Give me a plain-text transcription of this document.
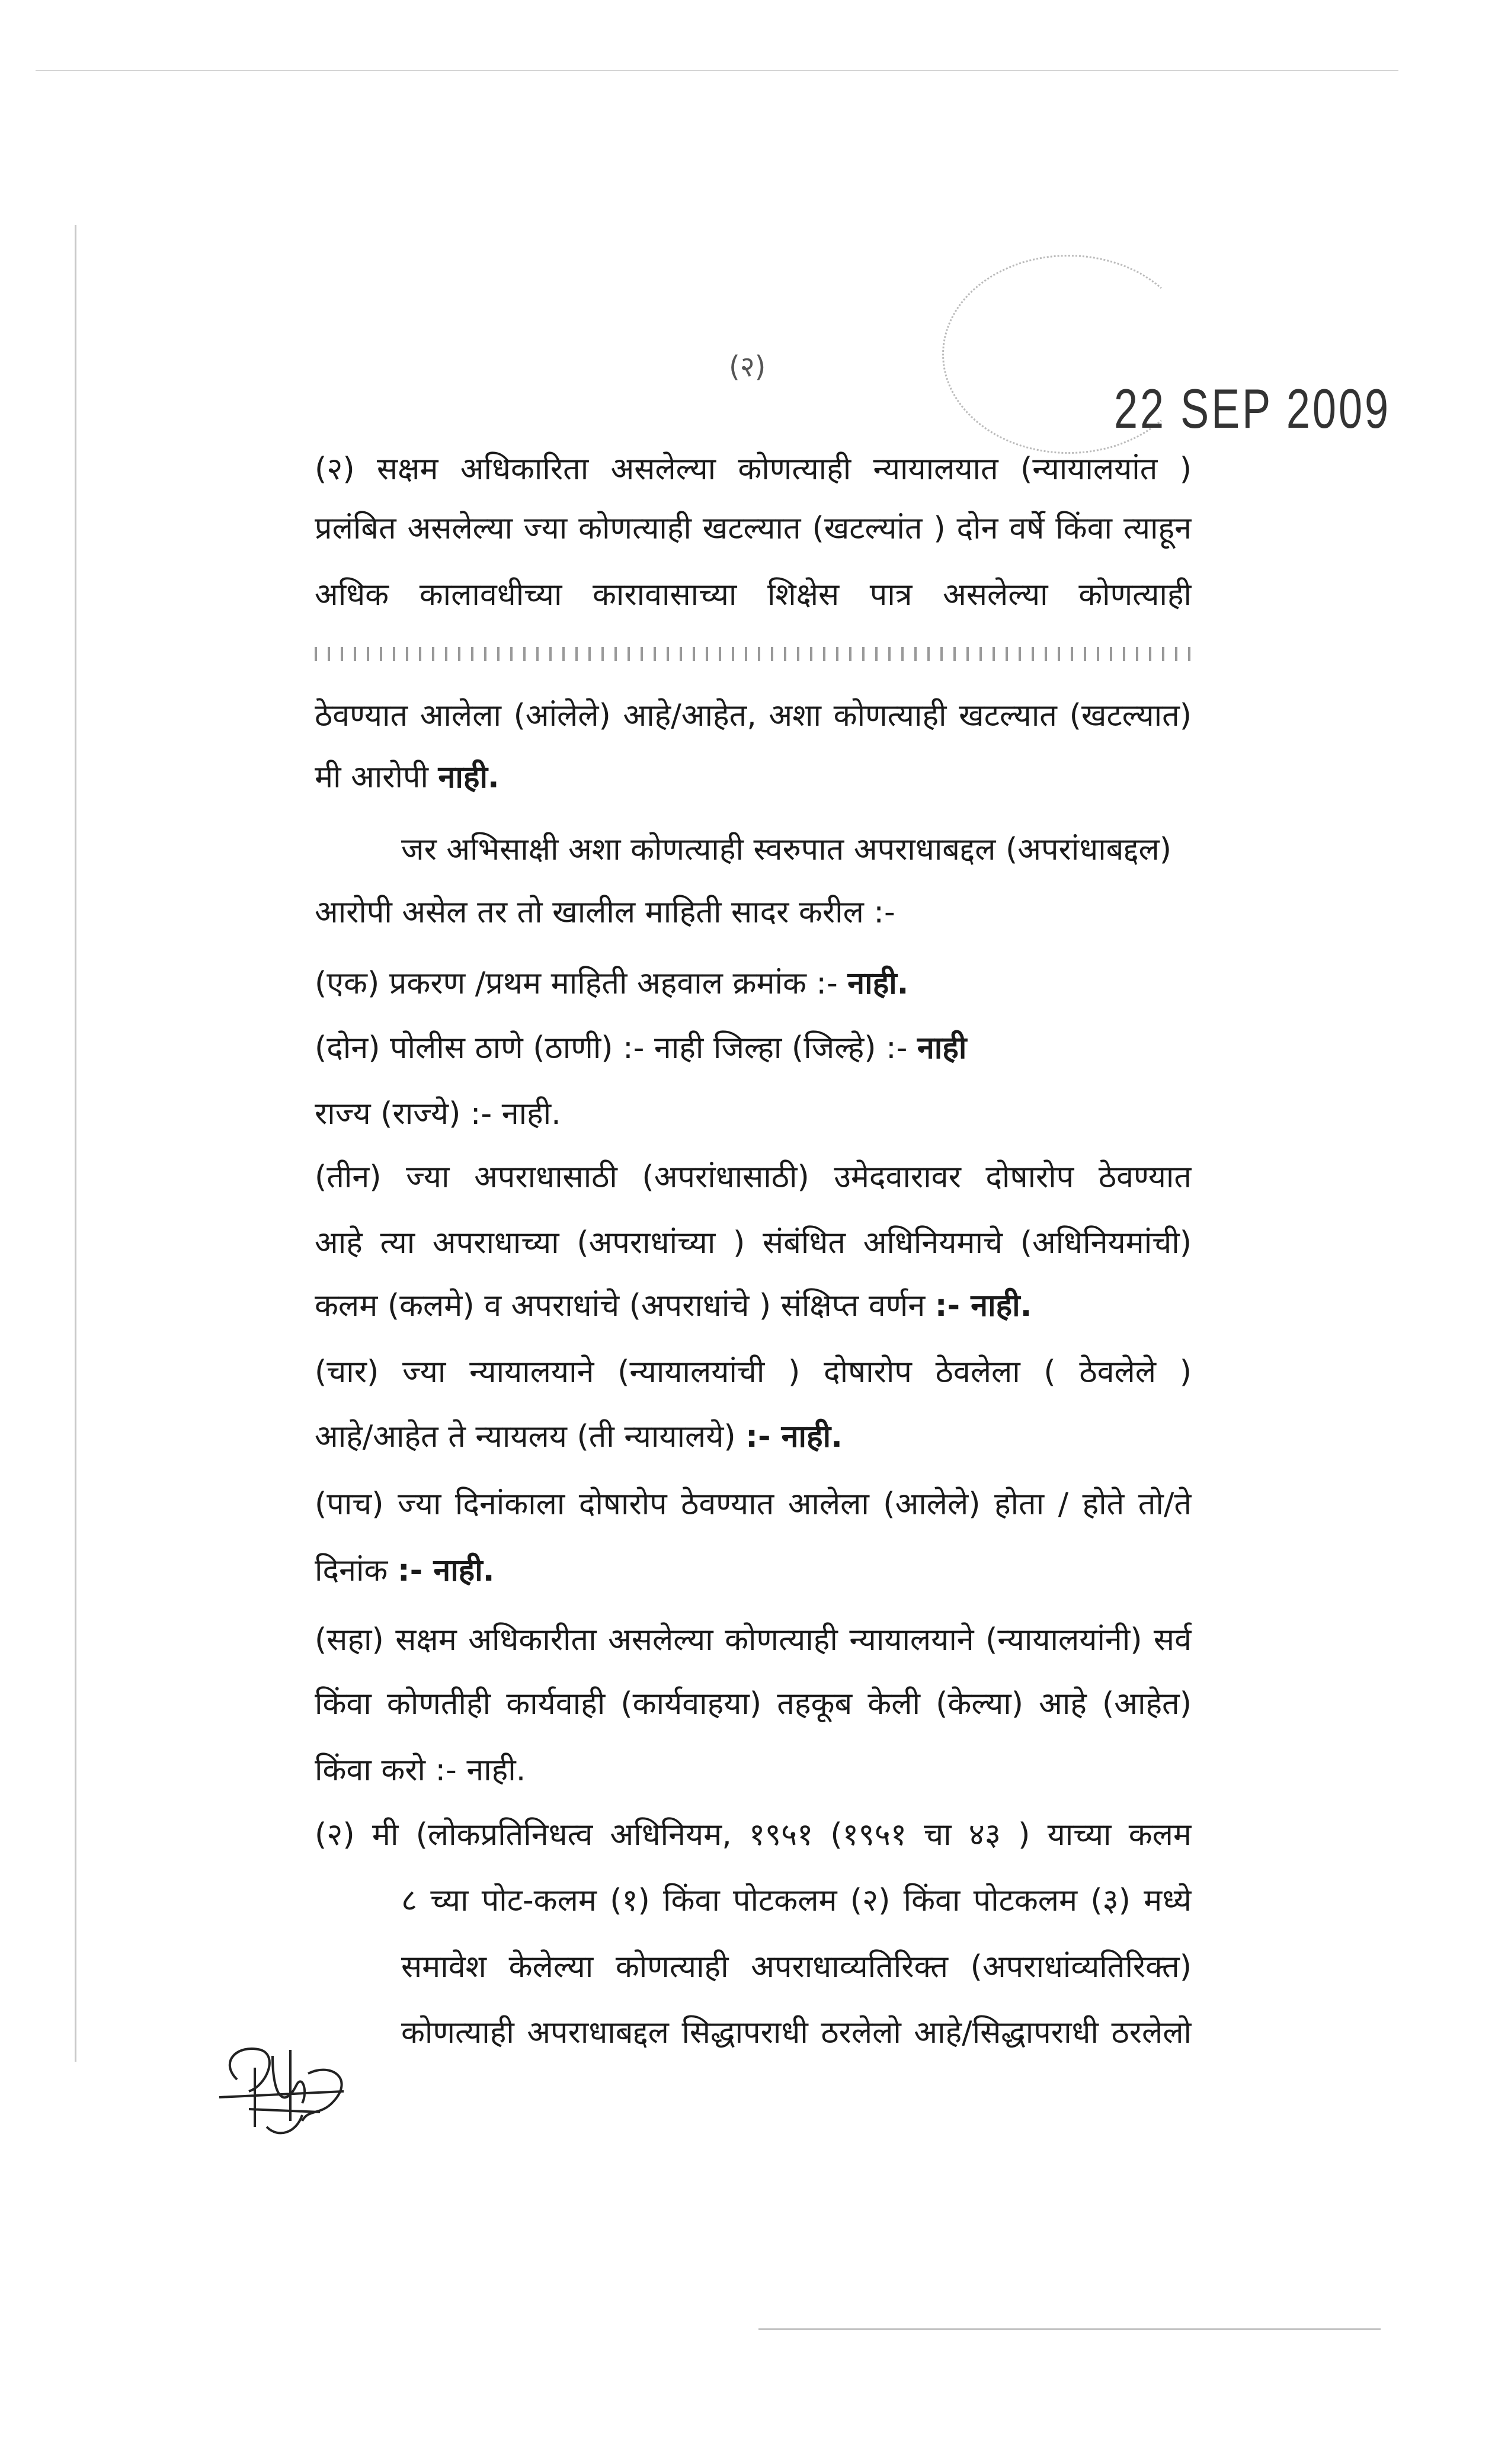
(२)
22 SEP 2009
(२) सक्षम अधिकारिता असलेल्या कोणत्याही न्यायालयात (न्यायालयांत )
प्रलंबित असलेल्या ज्या कोणत्याही खटल्यात (खटल्यांत ) दोन वर्षे किंवा त्याहून
अधिक कालावधीच्या कारावासाच्या शिक्षेस पात्र असलेल्या कोणत्याही
ठेवण्यात आलेला (आंलेले) आहे/आहेत, अशा कोणत्याही खटल्यात (खटल्यात)
मी आरोपी नाही.
जर अभिसाक्षी अशा कोणत्याही स्वरुपात अपराधाबद्दल (अपरांधाबद्दल)
आरोपी असेल तर तो खालील माहिती सादर करील :-
(एक) प्रकरण /प्रथम माहिती अहवाल क्रमांक :- नाही.
(दोन) पोलीस ठाणे (ठाणी) :- नाही जिल्हा (जिल्हे) :- नाही
राज्य (राज्ये) :- नाही.
(तीन) ज्या अपराधासाठी (अपरांधासाठी) उमेदवारावर दोषारोप ठेवण्यात
आहे त्या अपराधाच्या (अपराधांच्या ) संबंधित अधिनियमाचे (अधिनियमांची)
कलम (कलमे) व अपराधांचे (अपराधांचे ) संक्षिप्त वर्णन :- नाही.
(चार) ज्या न्यायालयाने (न्यायालयांची ) दोषारोप ठेवलेला ( ठेवलेले )
आहे/आहेत ते न्यायलय (ती न्यायालये) :- नाही.
(पाच) ज्या दिनांकाला दोषारोप ठेवण्यात आलेला (आलेले) होता / होते तो/ते
दिनांक :- नाही.
(सहा) सक्षम अधिकारीता असलेल्या कोणत्याही न्यायालयाने (न्यायालयांनी) सर्व
किंवा कोणतीही कार्यवाही (कार्यवाहया) तहकूब केली (केल्या) आहे (आहेत)
किंवा करो :- नाही.
(२) मी (लोकप्रतिनिधत्व अधिनियम, १९५१ (१९५१ चा ४३ ) याच्या कलम
८ च्या पोट-कलम (१) किंवा पोटकलम (२) किंवा पोटकलम (३) मध्ये
समावेश केलेल्या कोणत्याही अपराधाव्यतिरिक्त (अपराधांव्यतिरिक्त)
कोणत्याही अपराधाबद्दल सिद्धापराधी ठरलेलो आहे/सिद्धापराधी ठरलेलो
